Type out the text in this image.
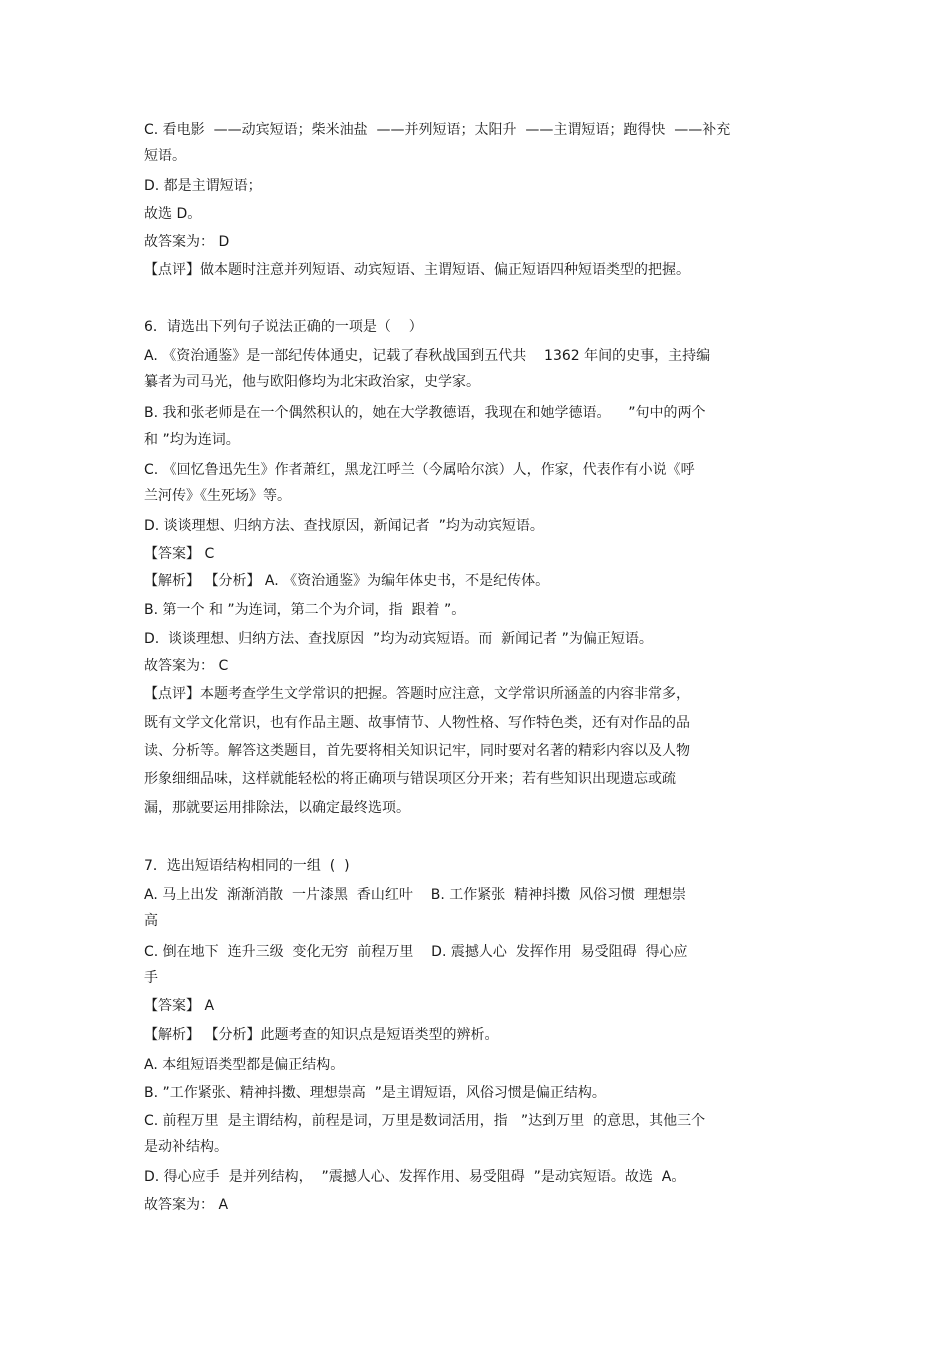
C. 看电影  ——动宾短语；柴米油盐  ——并列短语；太阳升  ——主谓短语；跑得快  ——补充
短语。
D. 都是主谓短语；
故选 D。
故答案为： D
【点评】做本题时注意并列短语、动宾短语、主谓短语、偏正短语四种短语类型的把握。
6．请选出下列句子说法正确的一项是（    ）
A. 《资治通鉴》是一部纪传体通史，记载了春秋战国到五代共    1362 年间的史事，主持编
纂者为司马光，他与欧阳修均为北宋政治家，史学家。
B. 我和张老师是在一个偶然积认的，她在大学教德语，我现在和她学德语。    ”句中的两个
和 ”均为连词。
C. 《回忆鲁迅先生》作者萧红，黑龙江呼兰（今属哈尔滨）人，作家，代表作有小说《呼
兰河传》《生死场》等。
D. 谈谈理想、归纳方法、查找原因，新闻记者  ”均为动宾短语。
【答案】 C
【解析】 【分析】 A. 《资治通鉴》为编年体史书，不是纪传体。
B. 第一个 和 ”为连词，第二个为介词，指  跟着 ”。
D.  谈谈理想、归纳方法、查找原因  ”均为动宾短语。而  新闻记者 ”为偏正短语。
故答案为： C
【点评】本题考查学生文学常识的把握。答题时应注意，文学常识所涵盖的内容非常多，
既有文学文化常识，也有作品主题、故事情节、人物性格、写作特色类，还有对作品的品
读、分析等。解答这类题目，首先要将相关知识记牢，同时要对名著的精彩内容以及人物
形象细细品味，这样就能轻松的将正确项与错误项区分开来；若有些知识出现遗忘或疏
漏，那就要运用排除法，以确定最终选项。
7．选出短语结构相同的一组  (  )
A. 马上出发  渐渐消散  一片漆黑  香山红叶    B. 工作紧张  精神抖擞  风俗习惯  理想崇
高
C. 倒在地下  连升三级  变化无穷  前程万里    D. 震撼人心  发挥作用  易受阻碍  得心应
手
【答案】 A
【解析】 【分析】此题考查的知识点是短语类型的辨析。
A. 本组短语类型都是偏正结构。
B. ”工作紧张、精神抖擞、理想崇高  ”是主谓短语，风俗习惯是偏正结构。
C. 前程万里  是主谓结构，前程是词，万里是数词活用，指   ”达到万里  的意思，其他三个
是动补结构。
D. 得心应手  是并列结构，  ”震撼人心、发挥作用、易受阻碍  ”是动宾短语。故选  A。
故答案为： A
